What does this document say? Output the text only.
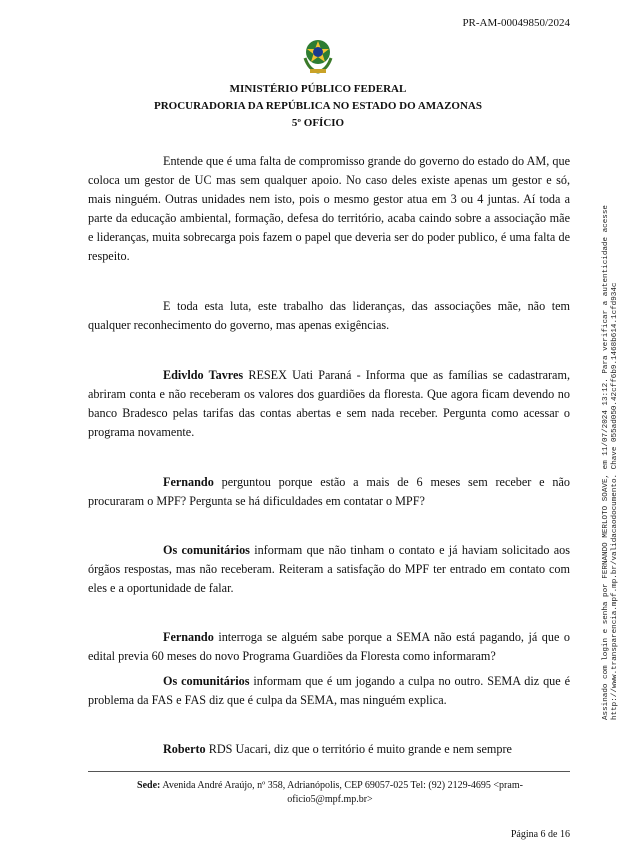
PR-AM-00049850/2024
MINISTÉRIO PÚBLICO FEDERAL
PROCURADORIA DA REPÚBLICA NO ESTADO DO AMAZONAS
5º OFÍCIO

Entende que é uma falta de compromisso grande do governo do estado do AM, que coloca um gestor de UC mas sem qualquer apoio. No caso deles existe apenas um gestor e só, mais ninguém. Outras unidades nem isto, pois o mesmo gestor atua em 3 ou 4 juntas. Aí toda a parte da educação ambiental, formação, defesa do território, acaba caindo sobre a associação mãe e lideranças, muita sobrecarga pois fazem o papel que deveria ser do poder publico, é uma falta de respeito.

E toda esta luta, este trabalho das lideranças, das associações mãe, não tem qualquer reconhecimento do governo, mas apenas exigências.

Edivldo Tavres RESEX Uati Paraná - Informa que as famílias se cadastraram, abriram conta e não receberam os valores dos guardiões da floresta. Que agora ficam devendo no banco Bradesco pelas tarifas das contas abertas e sem nada receber. Pergunta como acessar o programa novamente.

Fernando perguntou porque estão a mais de 6 meses sem receber e não procuraram o MPF? Pergunta se há dificuldades em contatar o MPF?

Os comunitários informam que não tinham o contato e já haviam solicitado aos órgãos respostas, mas não receberam. Reiteram a satisfação do MPF ter entrado em contato com eles e a oportunidade de falar.

Fernando interroga se alguém sabe porque a SEMA não está pagando, já que o edital previa 60 meses do novo Programa Guardiões da Floresta como informaram?

Os comunitários informam que é um jogando a culpa no outro. SEMA diz que é problema da FAS e FAS diz que é culpa da SEMA, mas ninguém explica.

Roberto RDS Uacari, diz que o território é muito grande e nem sempre

Sede: Avenida André Araújo, nº 358, Adrianópolis, CEP 69057-025 Tel: (92) 2129-4695 <pram-oficio5@mpf.mp.br>
Página 6 de 16
Assinado com login e senha por FERNANDO MERLOTO SOAVE, em 11/07/2024 13:12. Para verificar a autenticidade acesse http://www.transparencia.mpf.mp.br/validacaodocumento. Chave 055ad050.42cff6b9.1468b614.1cfd934c
